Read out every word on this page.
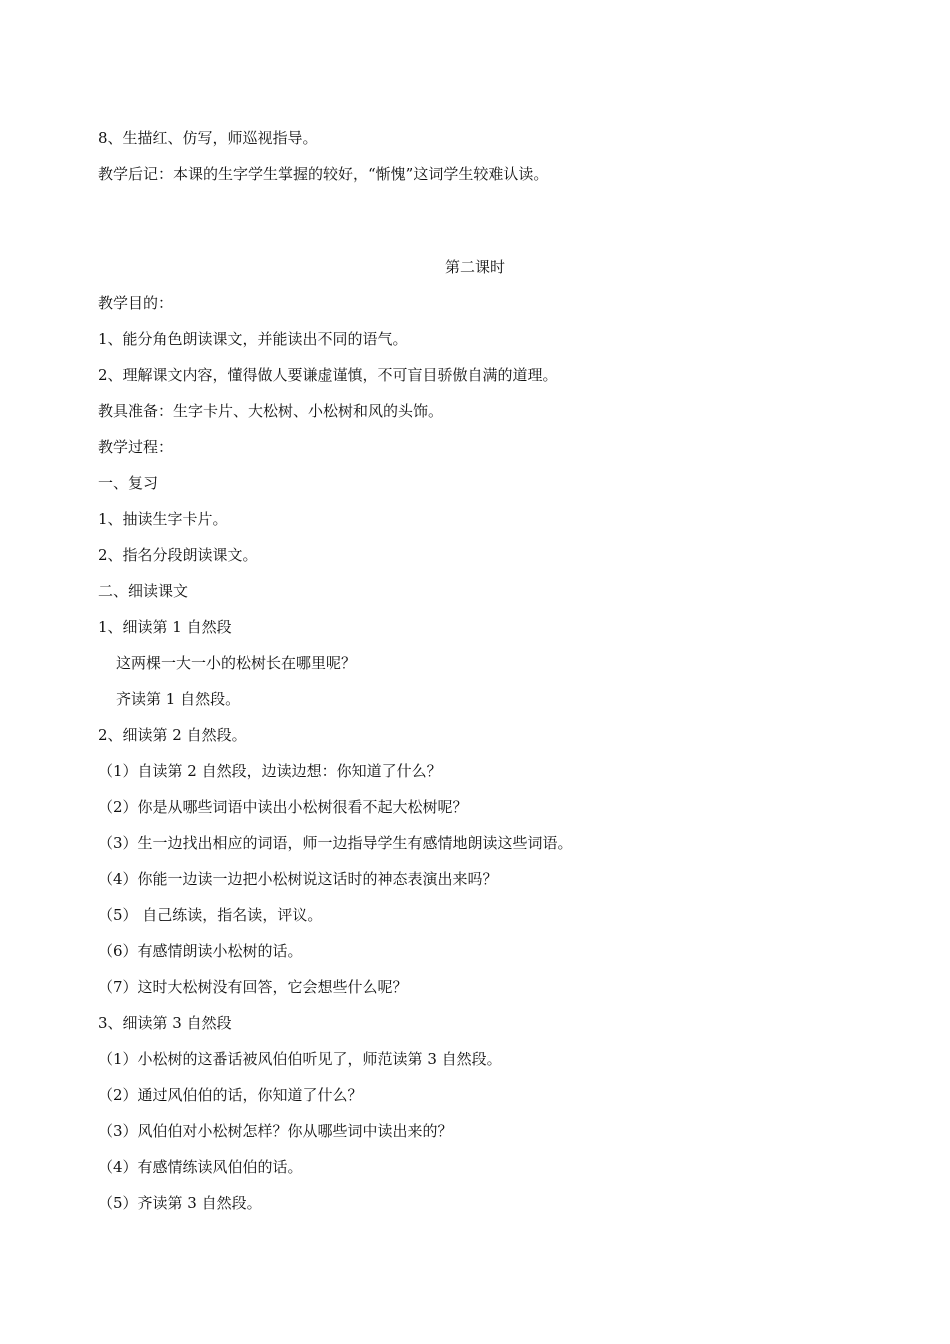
8、生描红、仿写，师巡视指导。
教学后记：本课的生字学生掌握的较好，“惭愧”这词学生较难认读。
第二课时
教学目的：
1、能分角色朗读课文，并能读出不同的语气。
2、理解课文内容，懂得做人要谦虚谨慎，不可盲目骄傲自满的道理。
教具准备：生字卡片、大松树、小松树和风的头饰。
教学过程：
一、复习
1、抽读生字卡片。
2、指名分段朗读课文。
二、细读课文
1、细读第 1 自然段
这两棵一大一小的松树长在哪里呢？
齐读第 1 自然段。
2、细读第 2 自然段。
（1）自读第 2 自然段，边读边想：你知道了什么？
（2）你是从哪些词语中读出小松树很看不起大松树呢？
（3）生一边找出相应的词语，师一边指导学生有感情地朗读这些词语。
（4）你能一边读一边把小松树说这话时的神态表演出来吗？
（5） 自己练读，指名读，评议。
（6）有感情朗读小松树的话。
（7）这时大松树没有回答，它会想些什么呢？
3、细读第 3 自然段
（1）小松树的这番话被风伯伯听见了，师范读第 3 自然段。
（2）通过风伯伯的话，你知道了什么？
（3）风伯伯对小松树怎样？你从哪些词中读出来的？
（4）有感情练读风伯伯的话。
（5）齐读第 3 自然段。
